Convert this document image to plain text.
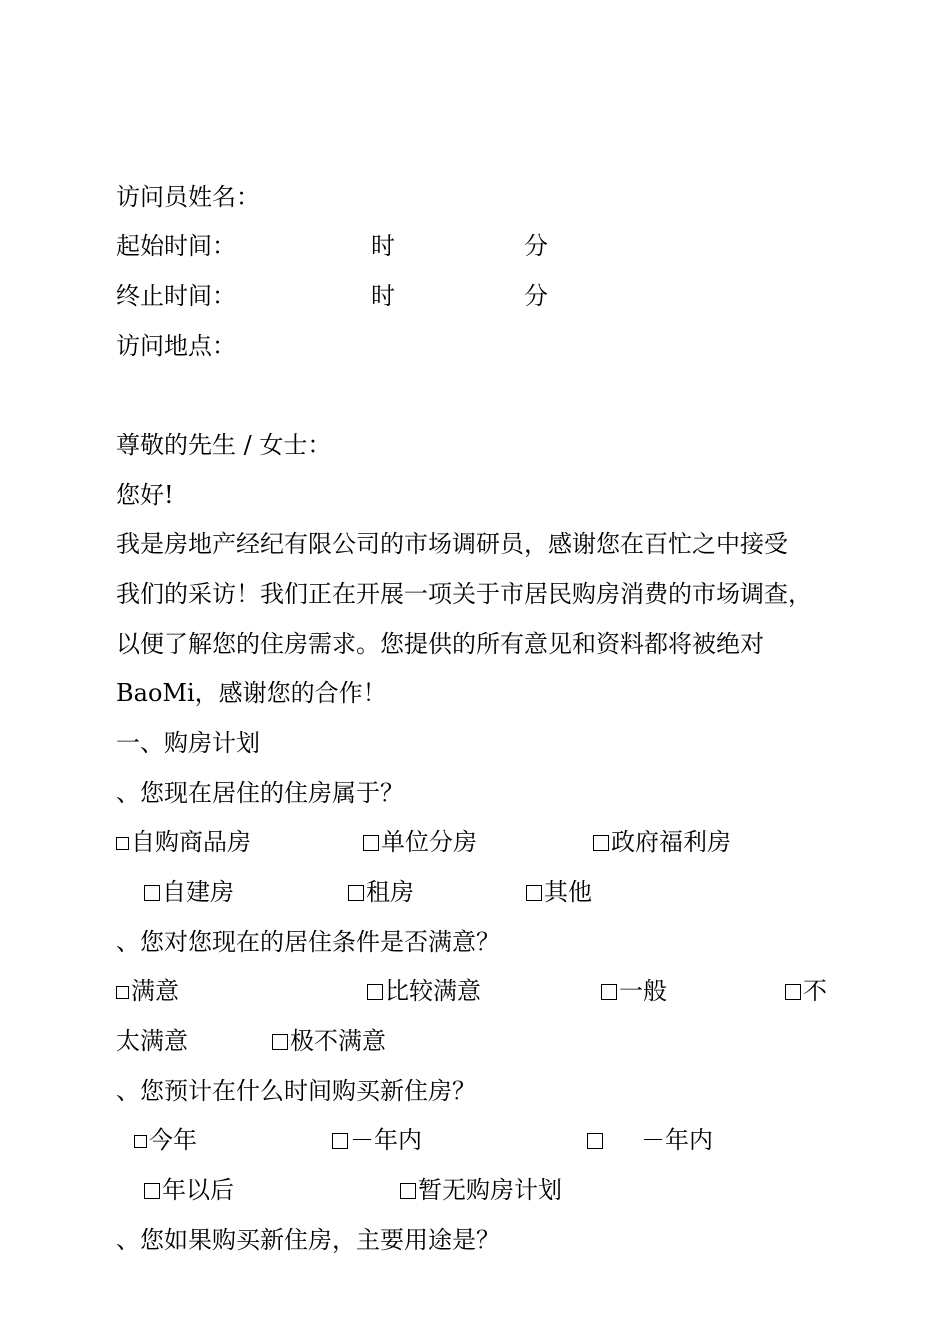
访问员姓名：
起始时间：	时	分
终止时间：	时	分
访问地点：
尊敬的先生 / 女士：
您好!
我是房地产经纪有限公司的市场调研员，感谢您在百忙之中接受
我们的采访！我们正在开展一项关于市居民购房消费的市场调查，
以便了解您的住房需求。您提供的所有意见和资料都将被绝对
BaoMi，感谢您的合作！
一、购房计划
、您现在居住的住房属于？
自购商品房	单位分房	政府福利房
自建房	租房	其他
、您对您现在的居住条件是否满意？
满意	比较满意	一般	不
太满意	极不满意
、您预计在什么时间购买新住房？
今年	－年内	－年内
年以后	暂无购房计划
、您如果购买新住房，主要用途是？
